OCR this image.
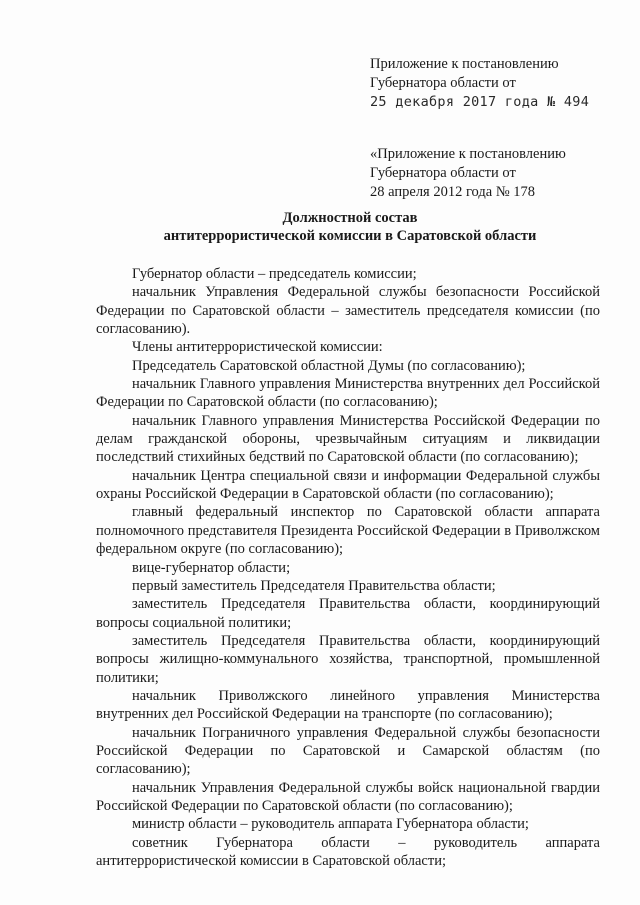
Приложение к постановлению
Губернатора области от
25 декабря 2017 года № 494
«Приложение к постановлению
Губернатора области от
28 апреля 2012 года № 178
Должностной состав
антитеррористической комиссии в Саратовской области

Губернатор области – председатель комиссии;

начальник Управления Федеральной службы безопасности Российской Федерации по Саратовской области – заместитель председателя комиссии (по согласованию).

Члены антитеррористической комиссии:

Председатель Саратовской областной Думы (по согласованию);

начальник Главного управления Министерства внутренних дел Российской Федерации по Саратовской области (по согласованию);

начальник Главного управления Министерства Российской Федерации по делам гражданской обороны, чрезвычайным ситуациям и ликвидации последствий стихийных бедствий по Саратовской области (по согласованию);

начальник Центра специальной связи и информации Федеральной службы охраны Российской Федерации в Саратовской области (по согласованию);

главный федеральный инспектор по Саратовской области аппарата полномочного представителя Президента Российской Федерации в Приволжском федеральном округе (по согласованию);

вице-губернатор области;

первый заместитель Председателя Правительства области;

заместитель Председателя Правительства области, координирующий вопросы социальной политики;

заместитель Председателя Правительства области, координирующий вопросы жилищно-коммунального хозяйства, транспортной, промышленной политики;

начальник Приволжского линейного управления Министерства внутренних дел Российской Федерации на транспорте (по согласованию);

начальник Пограничного управления Федеральной службы безопасности Российской Федерации по Саратовской и Самарской областям (по согласованию);

начальник Управления Федеральной службы войск национальной гвардии Российской Федерации по Саратовской области (по согласованию);

министр области – руководитель аппарата Губернатора области;

советник Губернатора области – руководитель аппарата антитеррористической комиссии в Саратовской области;
